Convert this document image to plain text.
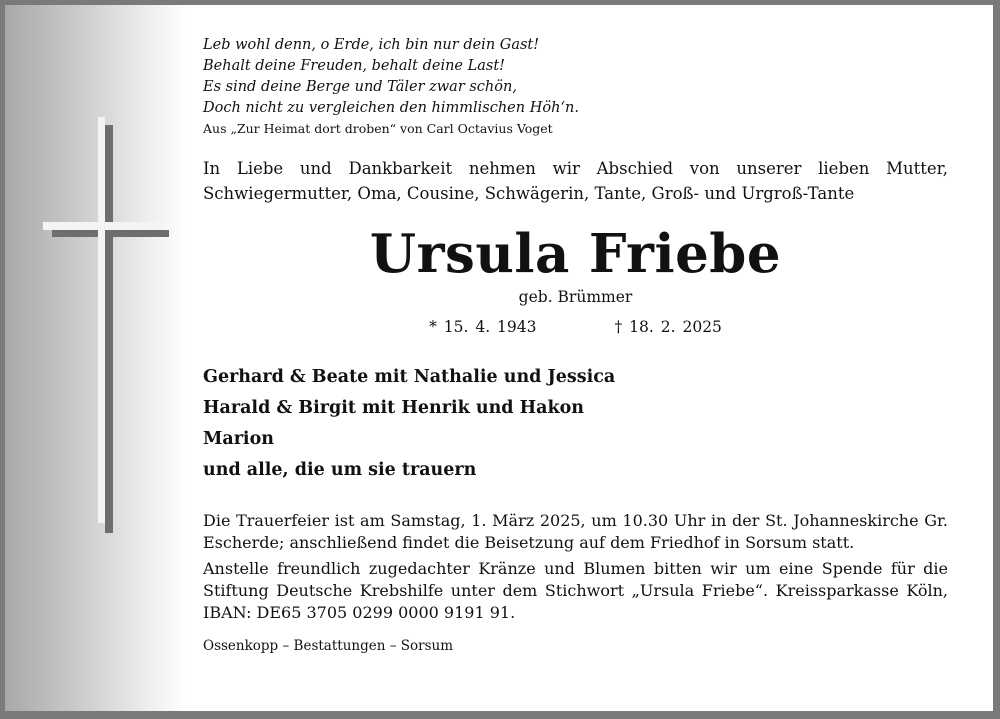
Leb wohl denn, o Erde, ich bin nur dein Gast!

Behalt deine Freuden, behalt deine Last!

Es sind deine Berge und Täler zwar schön,

Doch nicht zu vergleichen den himmlischen Höh‘n.

Aus „Zur Heimat dort droben“ von Carl Octavius Voget

In Liebe und Dankbarkeit nehmen wir Abschied von unserer lieben Mutter, Schwiegermutter, Oma, Cousine, Schwägerin, Tante, Groß- und Urgroß-Tante
Ursula Friebe
geb. Brümmer
* 15. 4. 1943	† 18. 2. 2025
Gerhard & Beate mit Nathalie und Jessica
Harald & Birgit mit Henrik und Hakon
Marion
und alle, die um sie trauern

Die Trauerfeier ist am Samstag, 1. März 2025, um 10.30 Uhr in der St. Johanneskirche Gr. Escherde; anschließend findet die Beisetzung auf dem Friedhof in Sorsum statt.

Anstelle freundlich zugedachter Kränze und Blumen bitten wir um eine Spende für die Stiftung Deutsche Krebshilfe unter dem Stichwort „Ursula Friebe“. Kreissparkasse Köln, IBAN: DE65 3705 0299 0000 9191 91.

Ossenkopp – Bestattungen – Sorsum
